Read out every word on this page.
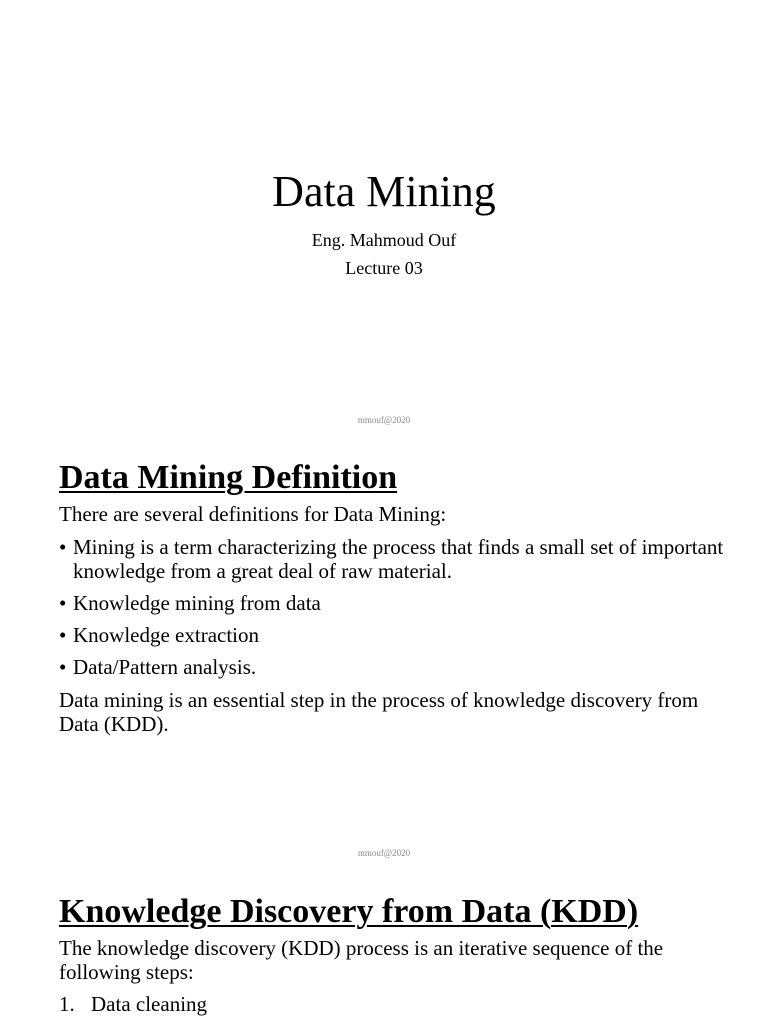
Data Mining
Eng. Mahmoud Ouf
Lecture 03
mmouf@2020
Data Mining Definition
There are several definitions for Data Mining:
• Mining is a term characterizing the process that finds a small set of important knowledge from a great deal of raw material.
• Knowledge mining from data
• Knowledge extraction
• Data/Pattern analysis.
Data mining is an essential step in the process of knowledge discovery from Data (KDD).
mmouf@2020
Knowledge Discovery from Data (KDD)
The knowledge discovery (KDD) process is an iterative sequence of the following steps:
1. Data cleaning
